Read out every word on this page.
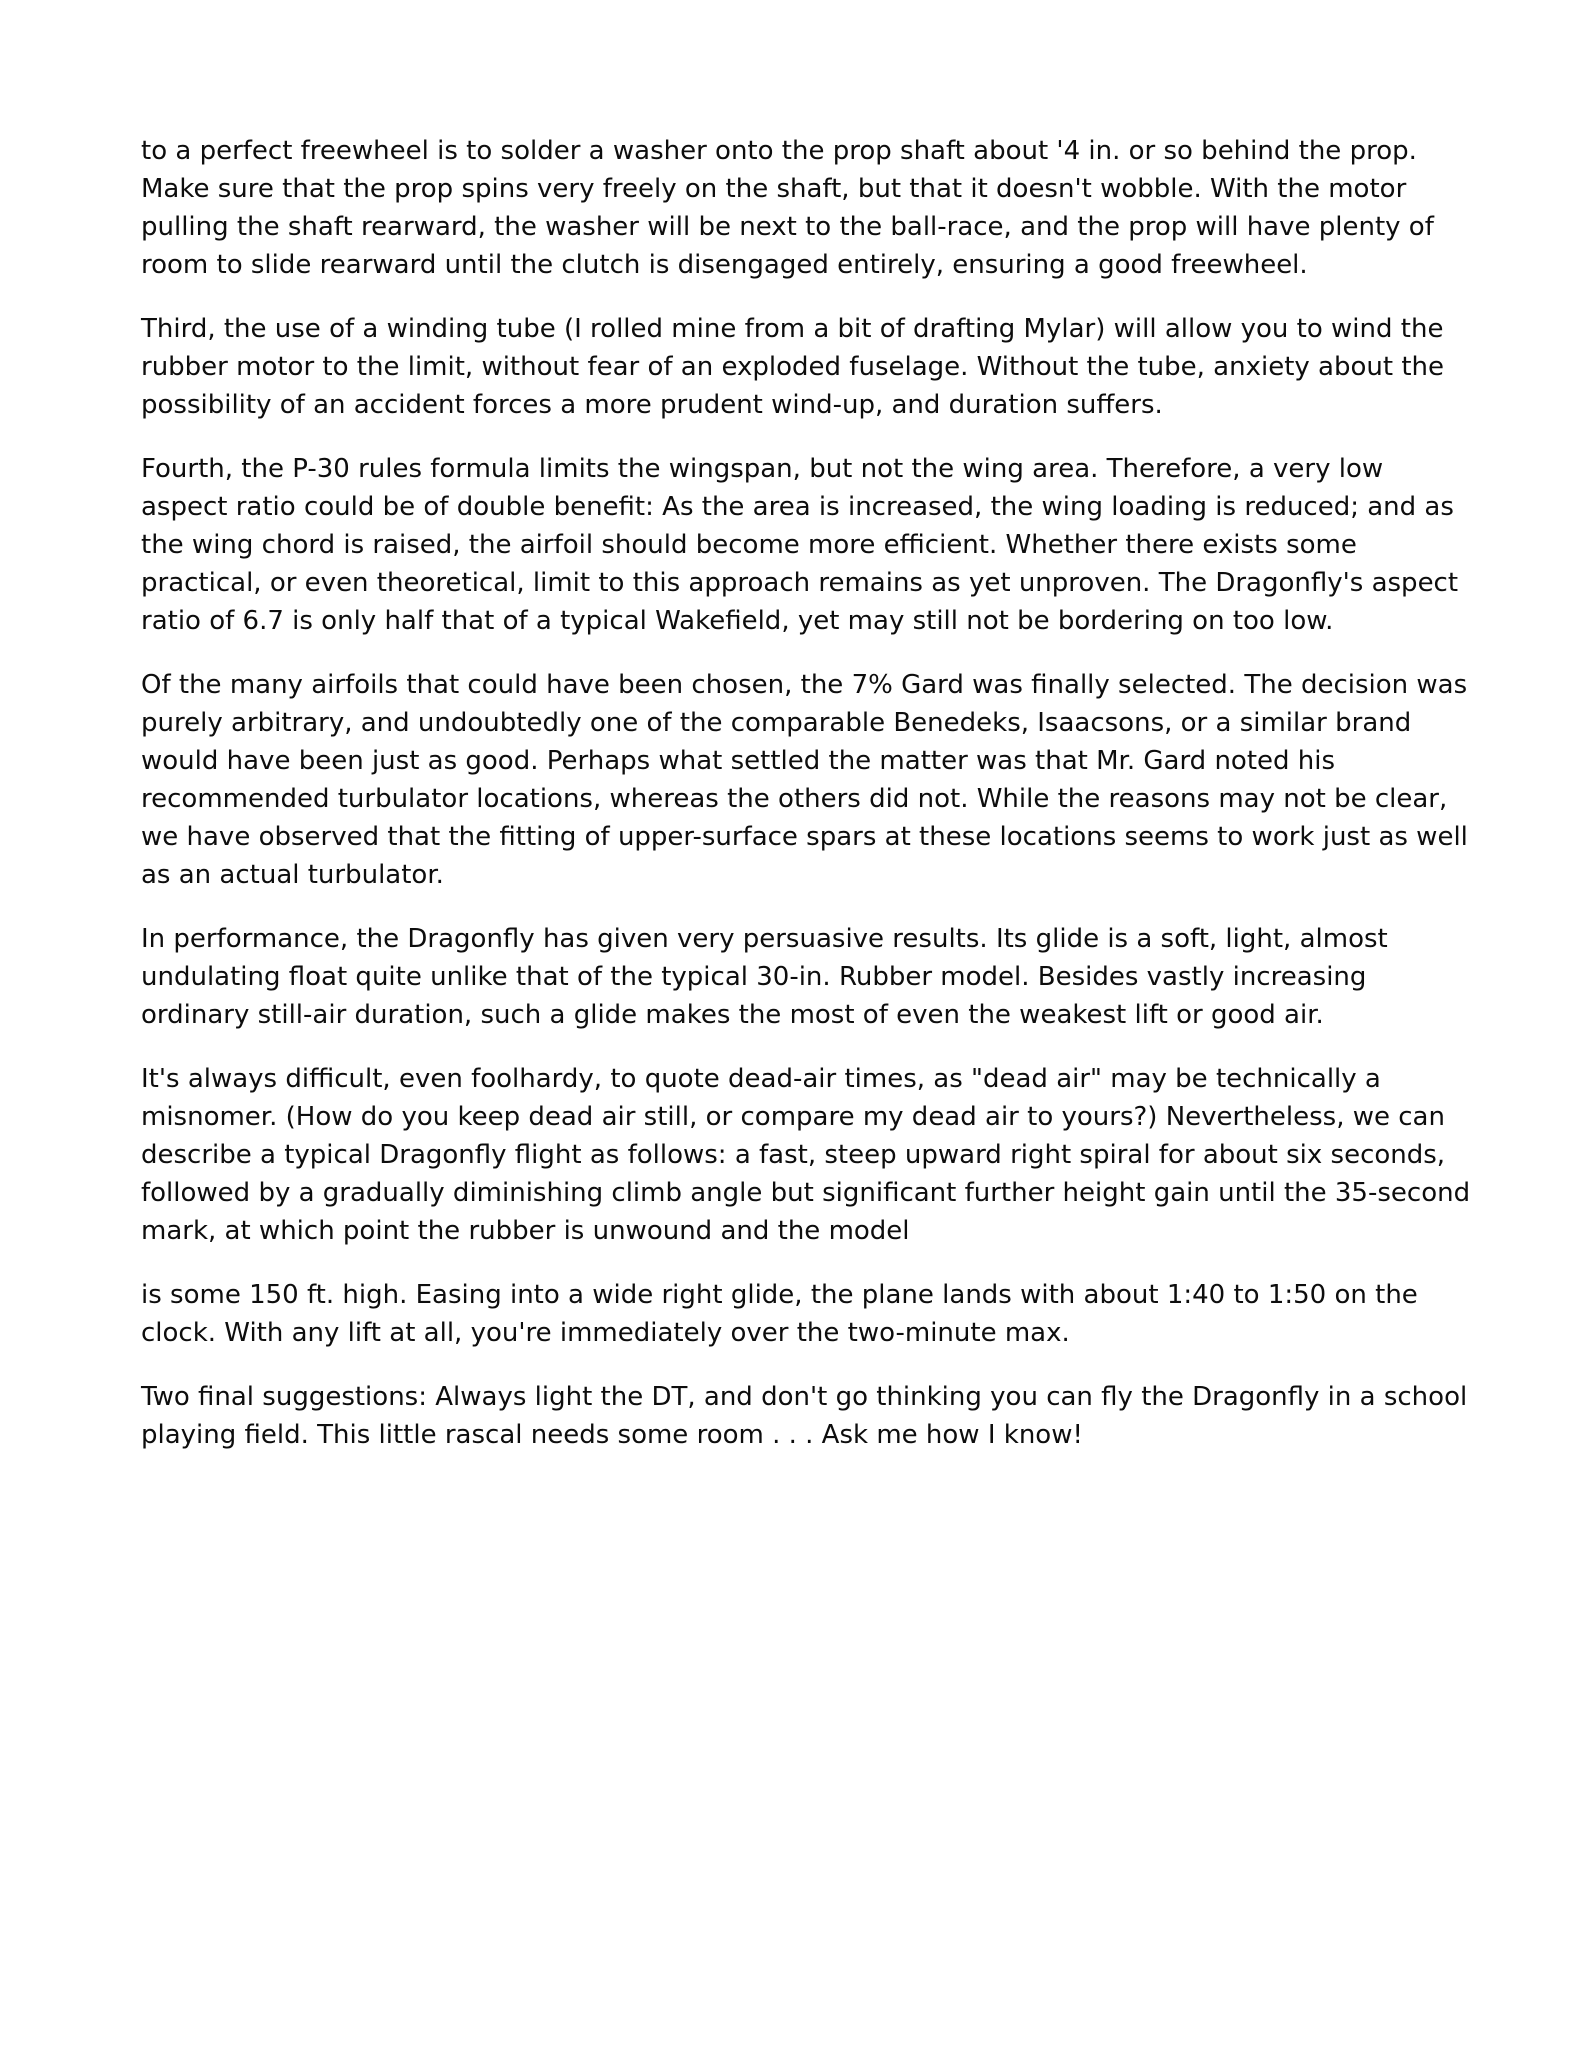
to a perfect freewheel is to solder a washer onto the prop shaft about '4 in. or so behind the prop. Make sure that the prop spins very freely on the shaft, but that it doesn't wobble. With the motor pulling the shaft rearward, the washer will be next to the ball-race, and the prop will have plenty of room to slide rearward until the clutch is disengaged entirely, ensuring a good freewheel.

Third, the use of a winding tube (I rolled mine from a bit of drafting Mylar) will allow you to wind the rubber motor to the limit, without fear of an exploded fuselage. Without the tube, anxiety about the possibility of an accident forces a more prudent wind-up, and duration suffers.

Fourth, the P-30 rules formula limits the wingspan, but not the wing area. Therefore, a very low aspect ratio could be of double benefit: As the area is increased, the wing loading is reduced; and as the wing chord is raised, the airfoil should become more efficient. Whether there exists some practical, or even theoretical, limit to this approach remains as yet unproven. The Dragonfly's aspect ratio of 6.7 is only half that of a typical Wakefield, yet may still not be bordering on too low.

Of the many airfoils that could have been chosen, the 7% Gard was finally selected. The decision was purely arbitrary, and undoubtedly one of the comparable Benedeks, Isaacsons, or a similar brand would have been just as good. Perhaps what settled the matter was that Mr. Gard noted his recommended turbulator locations, whereas the others did not. While the reasons may not be clear, we have observed that the fitting of upper-surface spars at these locations seems to work just as well as an actual turbulator.

In performance, the Dragonfly has given very persuasive results. Its glide is a soft, light, almost undulating float quite unlike that of the typical 30-in. Rubber model. Besides vastly increasing ordinary still-air duration, such a glide makes the most of even the weakest lift or good air.

It's always difficult, even foolhardy, to quote dead-air times, as "dead air" may be technically a misnomer. (How do you keep dead air still, or compare my dead air to yours?) Nevertheless, we can describe a typical Dragonfly flight as follows: a fast, steep upward right spiral for about six seconds, followed by a gradually diminishing climb angle but significant further height gain until the 35-second mark, at which point the rubber is unwound and the model

is some 150 ft. high. Easing into a wide right glide, the plane lands with about 1:40 to 1:50 on the clock. With any lift at all, you're immediately over the two-minute max.

Two final suggestions: Always light the DT, and don't go thinking you can fly the Dragonfly in a school playing field. This little rascal needs some room . . . Ask me how I know!
